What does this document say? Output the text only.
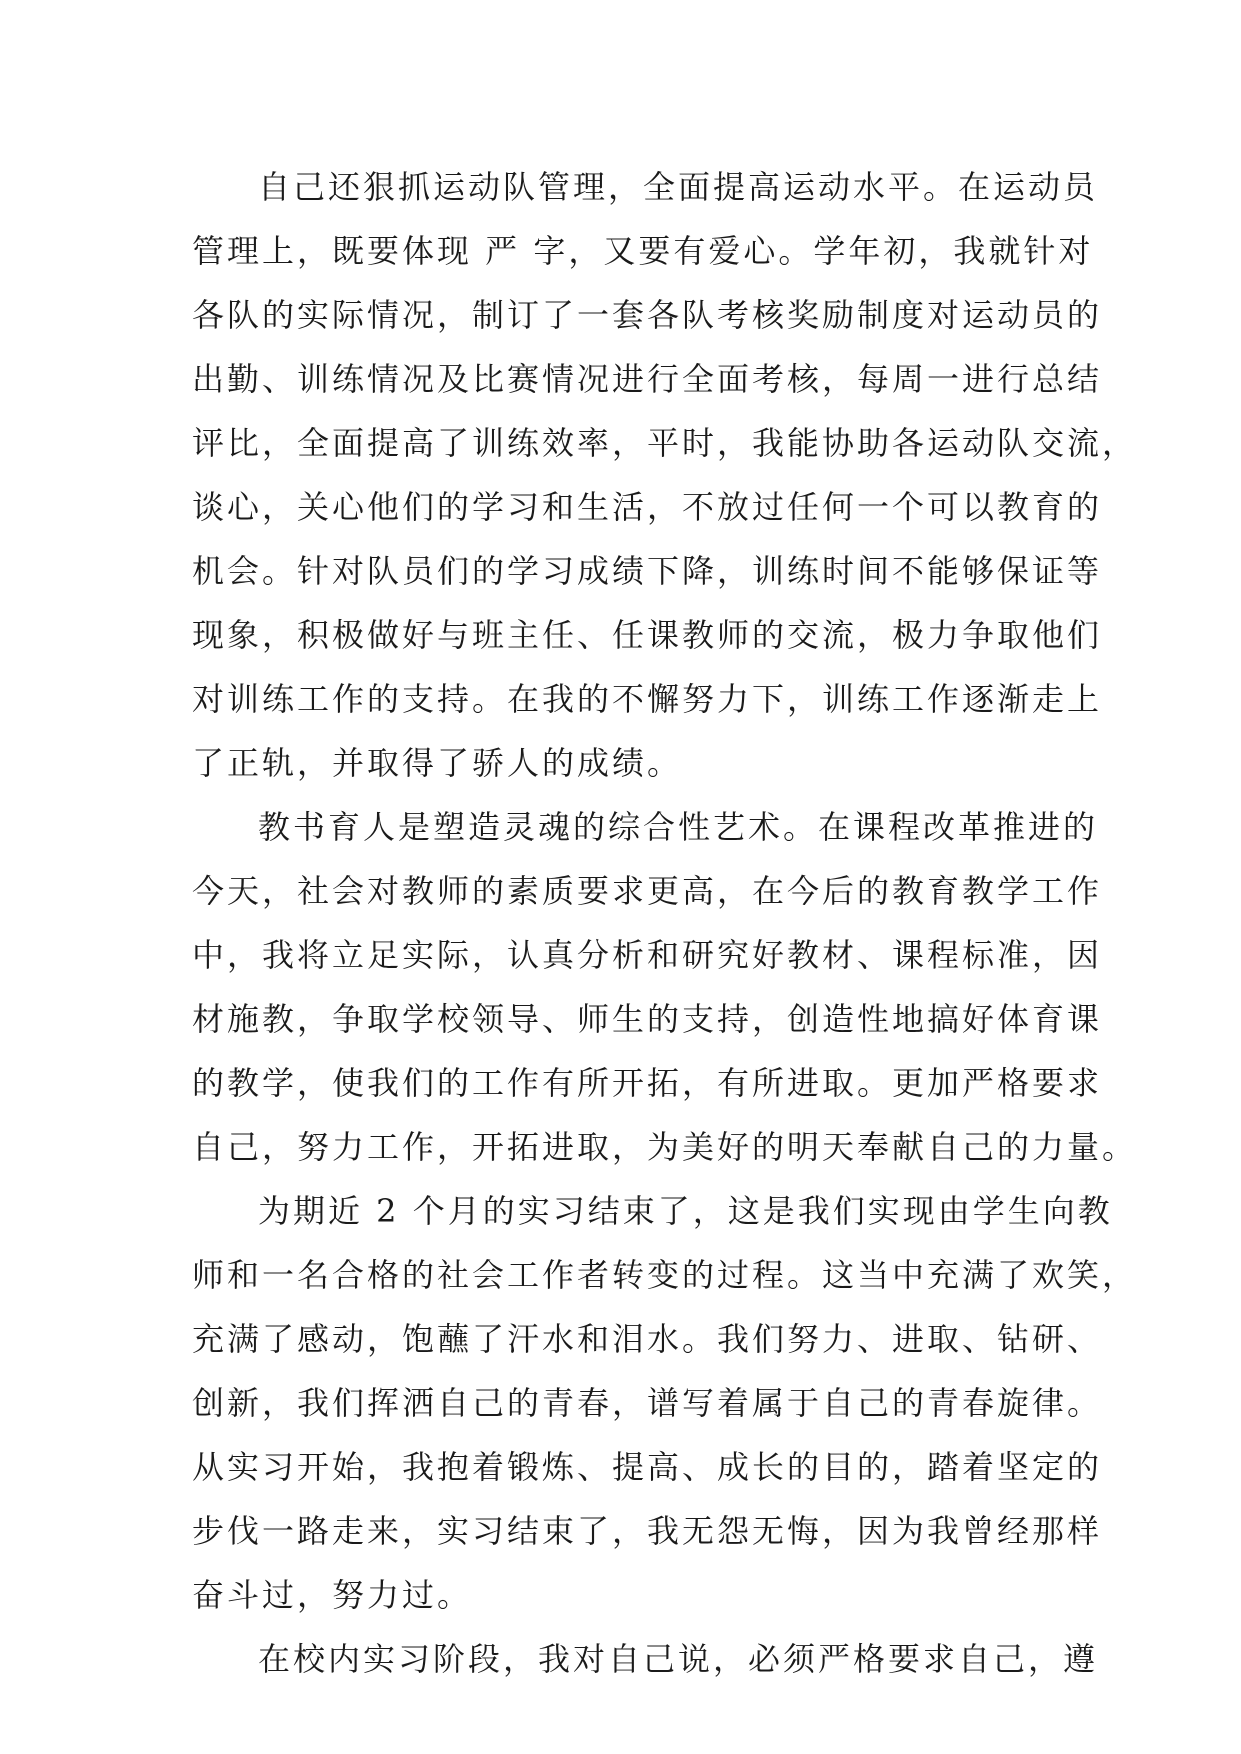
自己还狠抓运动队管理，全面提高运动水平。在运动员
管理上，既要体现 严 字，又要有爱心。学年初，我就针对
各队的实际情况，制订了一套各队考核奖励制度对运动员的
出勤、训练情况及比赛情况进行全面考核，每周一进行总结
评比，全面提高了训练效率，平时，我能协助各运动队交流，
谈心，关心他们的学习和生活，不放过任何一个可以教育的
机会。针对队员们的学习成绩下降，训练时间不能够保证等
现象，积极做好与班主任、任课教师的交流，极力争取他们
对训练工作的支持。在我的不懈努力下，训练工作逐渐走上
了正轨，并取得了骄人的成绩。
教书育人是塑造灵魂的综合性艺术。在课程改革推进的
今天，社会对教师的素质要求更高，在今后的教育教学工作
中，我将立足实际，认真分析和研究好教材、课程标准，因
材施教，争取学校领导、师生的支持，创造性地搞好体育课
的教学，使我们的工作有所开拓，有所进取。更加严格要求
自己，努力工作，开拓进取，为美好的明天奉献自己的力量。
为期近 2 个月的实习结束了，这是我们实现由学生向教
师和一名合格的社会工作者转变的过程。这当中充满了欢笑，
充满了感动，饱蘸了汗水和泪水。我们努力、进取、钻研、
创新，我们挥洒自己的青春，谱写着属于自己的青春旋律。
从实习开始，我抱着锻炼、提高、成长的目的，踏着坚定的
步伐一路走来，实习结束了，我无怨无悔，因为我曾经那样
奋斗过，努力过。
在校内实习阶段，我对自己说，必须严格要求自己，遵
